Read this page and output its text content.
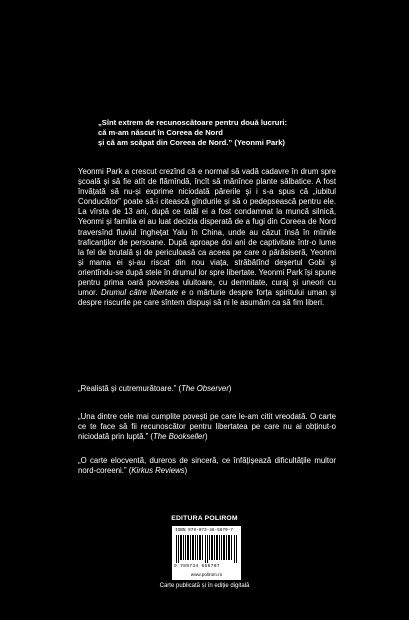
„Sînt extrem de recunoscătoare pentru două lucruri:
că m-am născut în Coreea de Nord
și că am scăpat din Coreea de Nord.” (Yeonmi Park)
Yeonmi Park a crescut crezînd că e normal să vadă cadavre în drum spre școală și să fie atît de flămîndă, încît să mănînce plante sălbatice. A fost învățată să nu-și exprime niciodată părerile și i s-a spus că „iubitul Conducător” poate să-i citească gîndurile și să o pedepsească pentru ele. La vîrsta de 13 ani, după ce tatăl ei a fost condamnat la muncă silnică, Yeonmi și familia ei au luat decizia disperată de a fugi din Coreea de Nord traversînd fluviul înghețat Yalu în China, unde au căzut însă în mîinile traficanților de persoane. După aproape doi ani de captivitate într-o lume la fel de brutală și de periculoasă ca aceea pe care o părăsiseră, Yeonmi și mama ei și-au riscat din nou viața, străbătînd deșertul Gobi și orientîndu-se după stele în drumul lor spre libertate. Yeonmi Park își spune pentru prima oară povestea uluitoare, cu demnitate, curaj și uneori cu umor. Drumul către libertate e o mărturie despre forța spiritului uman și despre riscurile pe care sîntem dispuși să ni le asumăm ca să fim liberi.
„Realistă și cutremurătoare.” (The Observer)
„Una dintre cele mai cumplite povești pe care le-am citit vreodată. O carte ce te face să fii recunoscător pentru libertatea pe care nu ai obținut-o niciodată prin luptă.” (The Bookseller)
„O carte elocventă, dureros de sinceră, ce înfățișează dificultățile multor nord-coreeni.” (Kirkus Reviews)
EDITURA POLIROM
ISBN 978-973-46-5670-7
9 789734 656707
www.polirom.ro
Carte publicată și în ediție digitală
